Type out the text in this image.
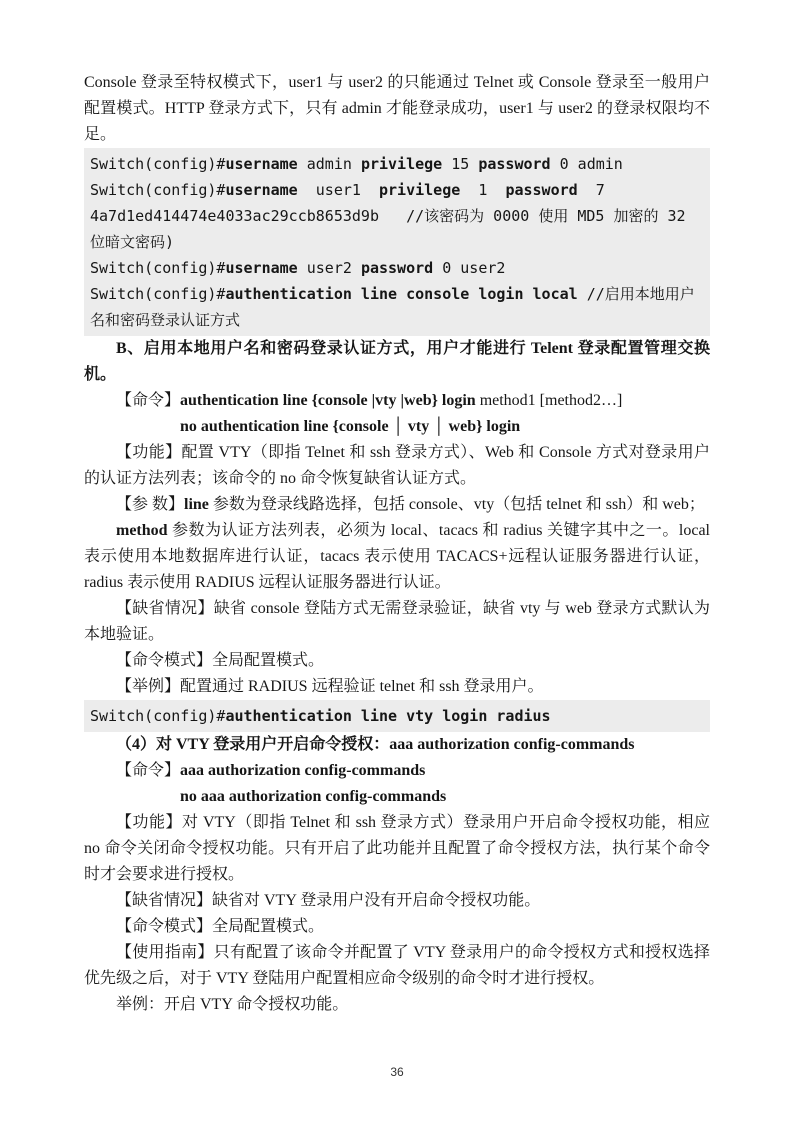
Console 登录至特权模式下，user1 与 user2 的只能通过 Telnet 或 Console 登录至一般用户配置模式。HTTP 登录方式下，只有 admin 才能登录成功，user1 与 user2 的登录权限均不足。
Switch(config)#username admin privilege 15 password 0 admin
Switch(config)#username  user1  privilege  1  password  7
4a7d1ed414474e4033ac29ccb8653d9b   //该密码为 0000 使用 MD5 加密的 32 位暗文密码)
Switch(config)#username user2 password 0 user2
Switch(config)#authentication line console login local //启用本地用户名和密码登录认证方式
B、启用本地用户名和密码登录认证方式，用户才能进行 Telent 登录配置管理交换机。
【命令】authentication line {console |vty |web} login method1 [method2…]
no authentication line {console │ vty │ web} login
【功能】配置 VTY（即指 Telnet 和 ssh 登录方式）、Web 和 Console 方式对登录用户的认证方法列表；该命令的 no 命令恢复缺省认证方式。
【参 数】line 参数为登录线路选择，包括 console、vty（包括 telnet 和 ssh）和 web；
method 参数为认证方法列表，必须为 local、tacacs 和 radius 关键字其中之一。local 表示使用本地数据库进行认证，tacacs 表示使用 TACACS+远程认证服务器进行认证，radius 表示使用 RADIUS 远程认证服务器进行认证。
【缺省情况】缺省 console 登陆方式无需登录验证，缺省 vty 与 web 登录方式默认为本地验证。
【命令模式】全局配置模式。
【举例】配置通过 RADIUS 远程验证 telnet 和 ssh 登录用户。
Switch(config)#authentication line vty login radius
（4）对 VTY 登录用户开启命令授权：aaa authorization config-commands
【命令】aaa authorization config-commands
no aaa authorization config-commands
【功能】对 VTY（即指 Telnet 和 ssh 登录方式）登录用户开启命令授权功能，相应 no 命令关闭命令授权功能。只有开启了此功能并且配置了命令授权方法，执行某个命令时才会要求进行授权。
【缺省情况】缺省对 VTY 登录用户没有开启命令授权功能。
【命令模式】全局配置模式。
【使用指南】只有配置了该命令并配置了 VTY 登录用户的命令授权方式和授权选择优先级之后，对于 VTY 登陆用户配置相应命令级别的命令时才进行授权。
举例：开启 VTY 命令授权功能。
36
